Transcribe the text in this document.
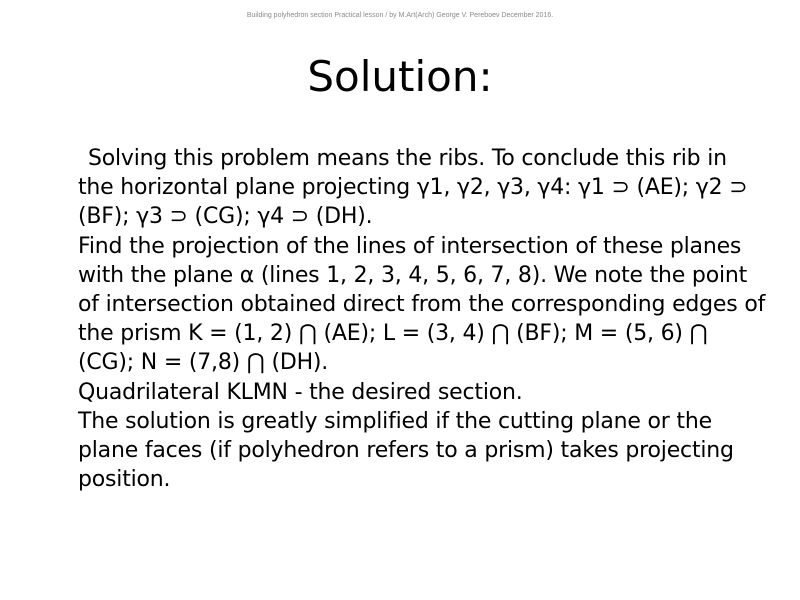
Building polyhedron section Practical lesson / by M.Art(Arch) George V. Pereboev December 2016.
Solution:

Solving this problem means the ribs. To conclude this rib in the horizontal plane projecting γ1, γ2, γ3, γ4: γ1 ⊃ (AE); γ2 ⊃ (BF); γ3 ⊃ (CG); γ4 ⊃ (DH).

Find the projection of the lines of intersection of these planes with the plane α (lines 1, 2, 3, 4, 5, 6, 7, 8). We note the point of intersection obtained direct from the corresponding edges of the prism K = (1, 2) ⋂ (AE); L = (3, 4) ⋂ (BF); M = (5, 6) ⋂ (CG); N = (7,8) ⋂ (DH).

Quadrilateral KLMN - the desired section.

The solution is greatly simplified if the cutting plane or the plane faces (if polyhedron refers to a prism) takes projecting position.
